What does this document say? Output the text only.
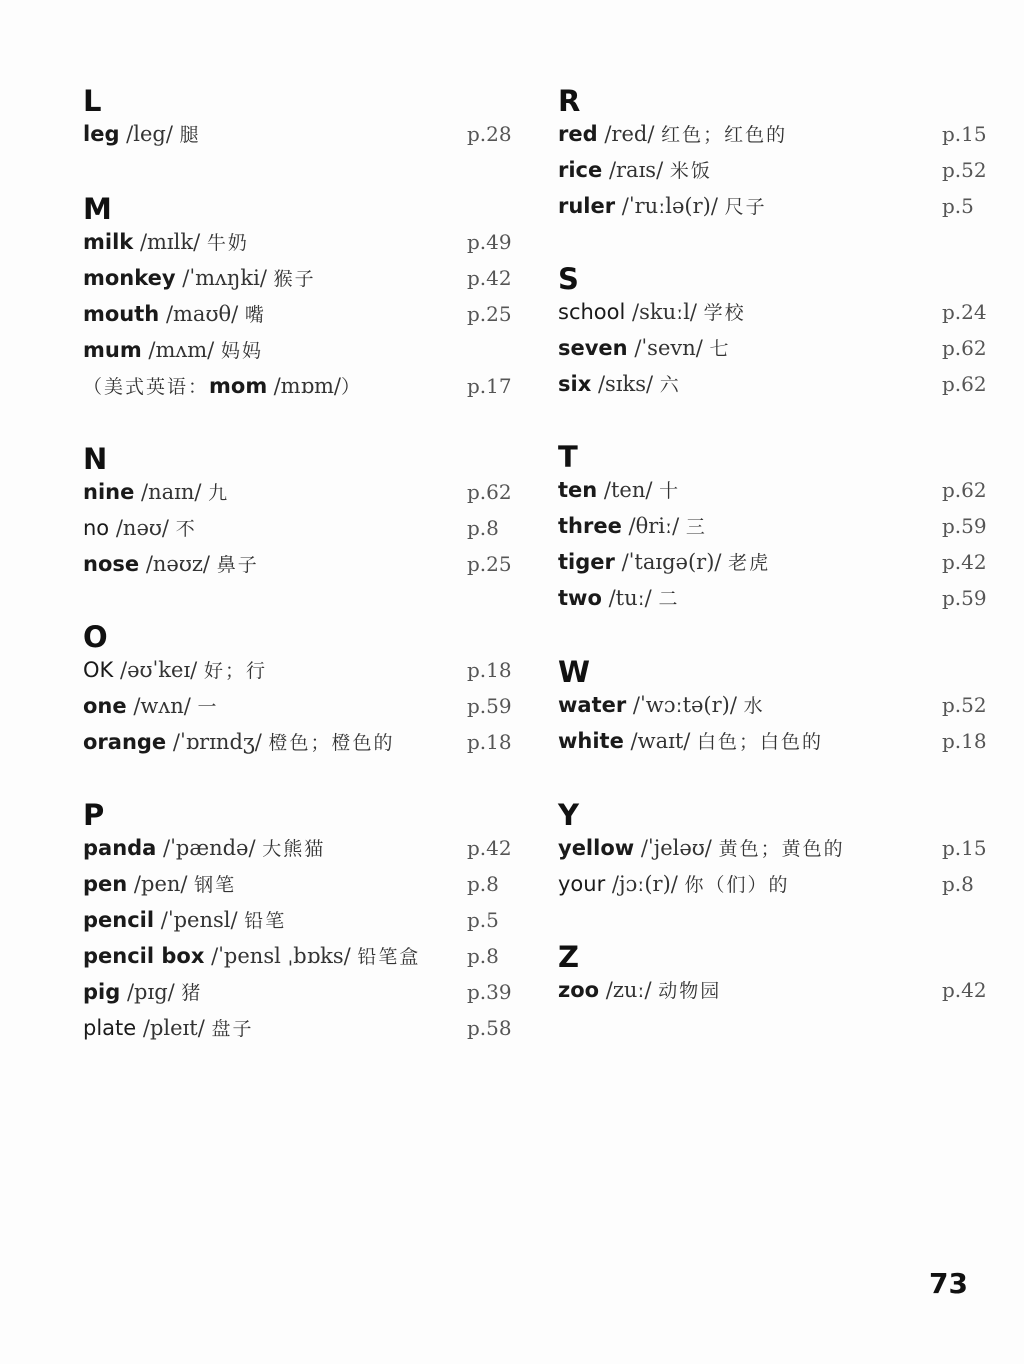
L
leg /leg/ 腿	p.28
M
milk /mɪlk/ 牛奶	p.49
monkey /ˈmʌŋki/ 猴子	p.42
mouth /maʊθ/ 嘴	p.25
mum /mʌm/ 妈妈
（美式英语：mom /mɒm/）	p.17
N
nine /naɪn/ 九	p.62
no /nəʊ/ 不	p.8
nose /nəʊz/ 鼻子	p.25
O
OK /əʊˈkeɪ/ 好；行	p.18
one /wʌn/ 一	p.59
orange /ˈɒrɪndʒ/ 橙色；橙色的	p.18
P
panda /ˈpændə/ 大熊猫	p.42
pen /pen/ 钢笔	p.8
pencil /ˈpensl/ 铅笔	p.5
pencil box /ˈpensl ˌbɒks/ 铅笔盒 p.8
pig /pɪg/ 猪	p.39
plate /pleɪt/ 盘子	p.58
R
red /red/ 红色；红色的	p.15
rice /raɪs/ 米饭	p.52
ruler /ˈruːlə(r)/ 尺子	p.5
S
school /skuːl/ 学校	p.24
seven /ˈsevn/ 七	p.62
six /sɪks/ 六	p.62
T
ten /ten/ 十	p.62
three /θriː/ 三	p.59
tiger /ˈtaɪgə(r)/ 老虎	p.42
two /tuː/ 二	p.59
W
water /ˈwɔːtə(r)/ 水	p.52
white /waɪt/ 白色；白色的	p.18
Y
yellow /ˈjeləʊ/ 黄色；黄色的	p.15
your /jɔː(r)/ 你（们）的	p.8
Z
zoo /zuː/ 动物园	p.42
73
